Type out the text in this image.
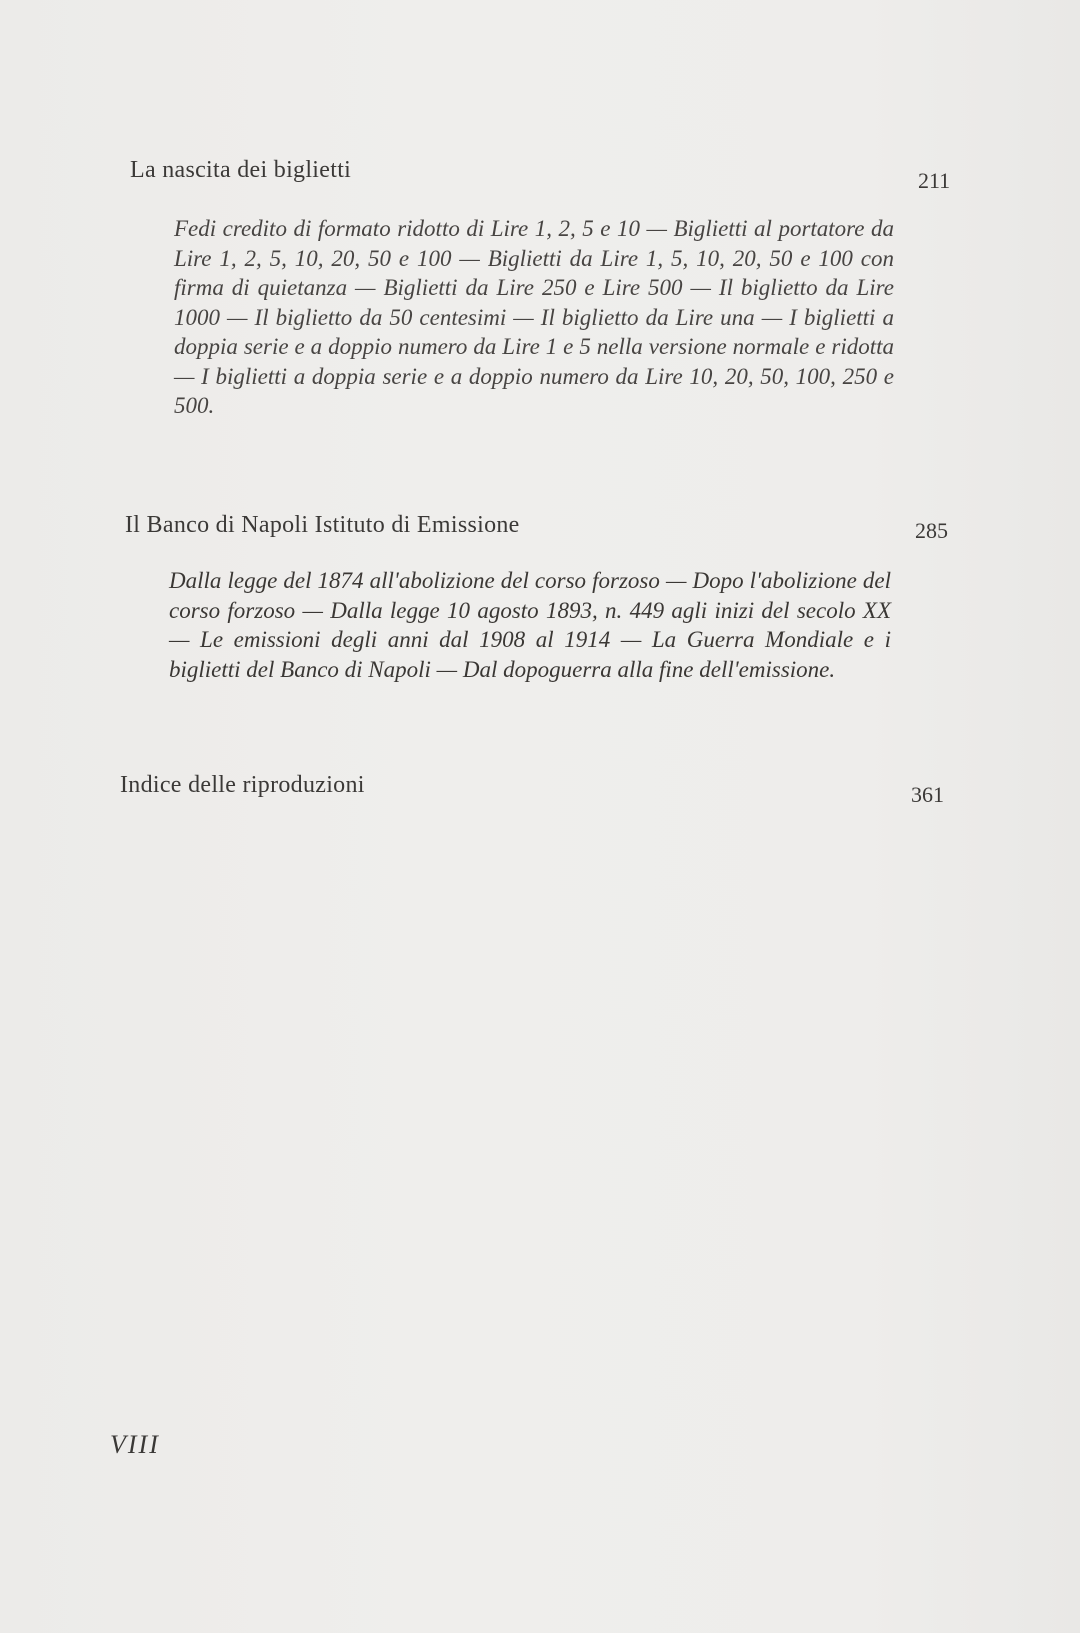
La nascita dei biglietti	211
Fedi credito di formato ridotto di Lire 1, 2, 5 e 10 — Biglietti al portatore da Lire 1, 2, 5, 10, 20, 50 e 100 — Biglietti da Lire 1, 5, 10, 20, 50 e 100 con firma di quietanza — Biglietti da Lire 250 e Lire 500 — Il biglietto da Lire 1000 — Il biglietto da 50 centesimi — Il biglietto da Lire una — I biglietti a doppia serie e a doppio numero da Lire 1 e 5 nella versione normale e ridotta — I biglietti a doppia serie e a doppio numero da Lire 10, 20, 50, 100, 250 e 500.
Il Banco di Napoli Istituto di Emissione	285
Dalla legge del 1874 all'abolizione del corso forzoso — Dopo l'abolizione del corso forzoso — Dalla legge 10 agosto 1893, n. 449 agli inizi del secolo XX — Le emissioni degli anni dal 1908 al 1914 — La Guerra Mondiale e i biglietti del Banco di Napoli — Dal dopoguerra alla fine dell'emissione.
Indice delle riproduzioni	361
VIII
